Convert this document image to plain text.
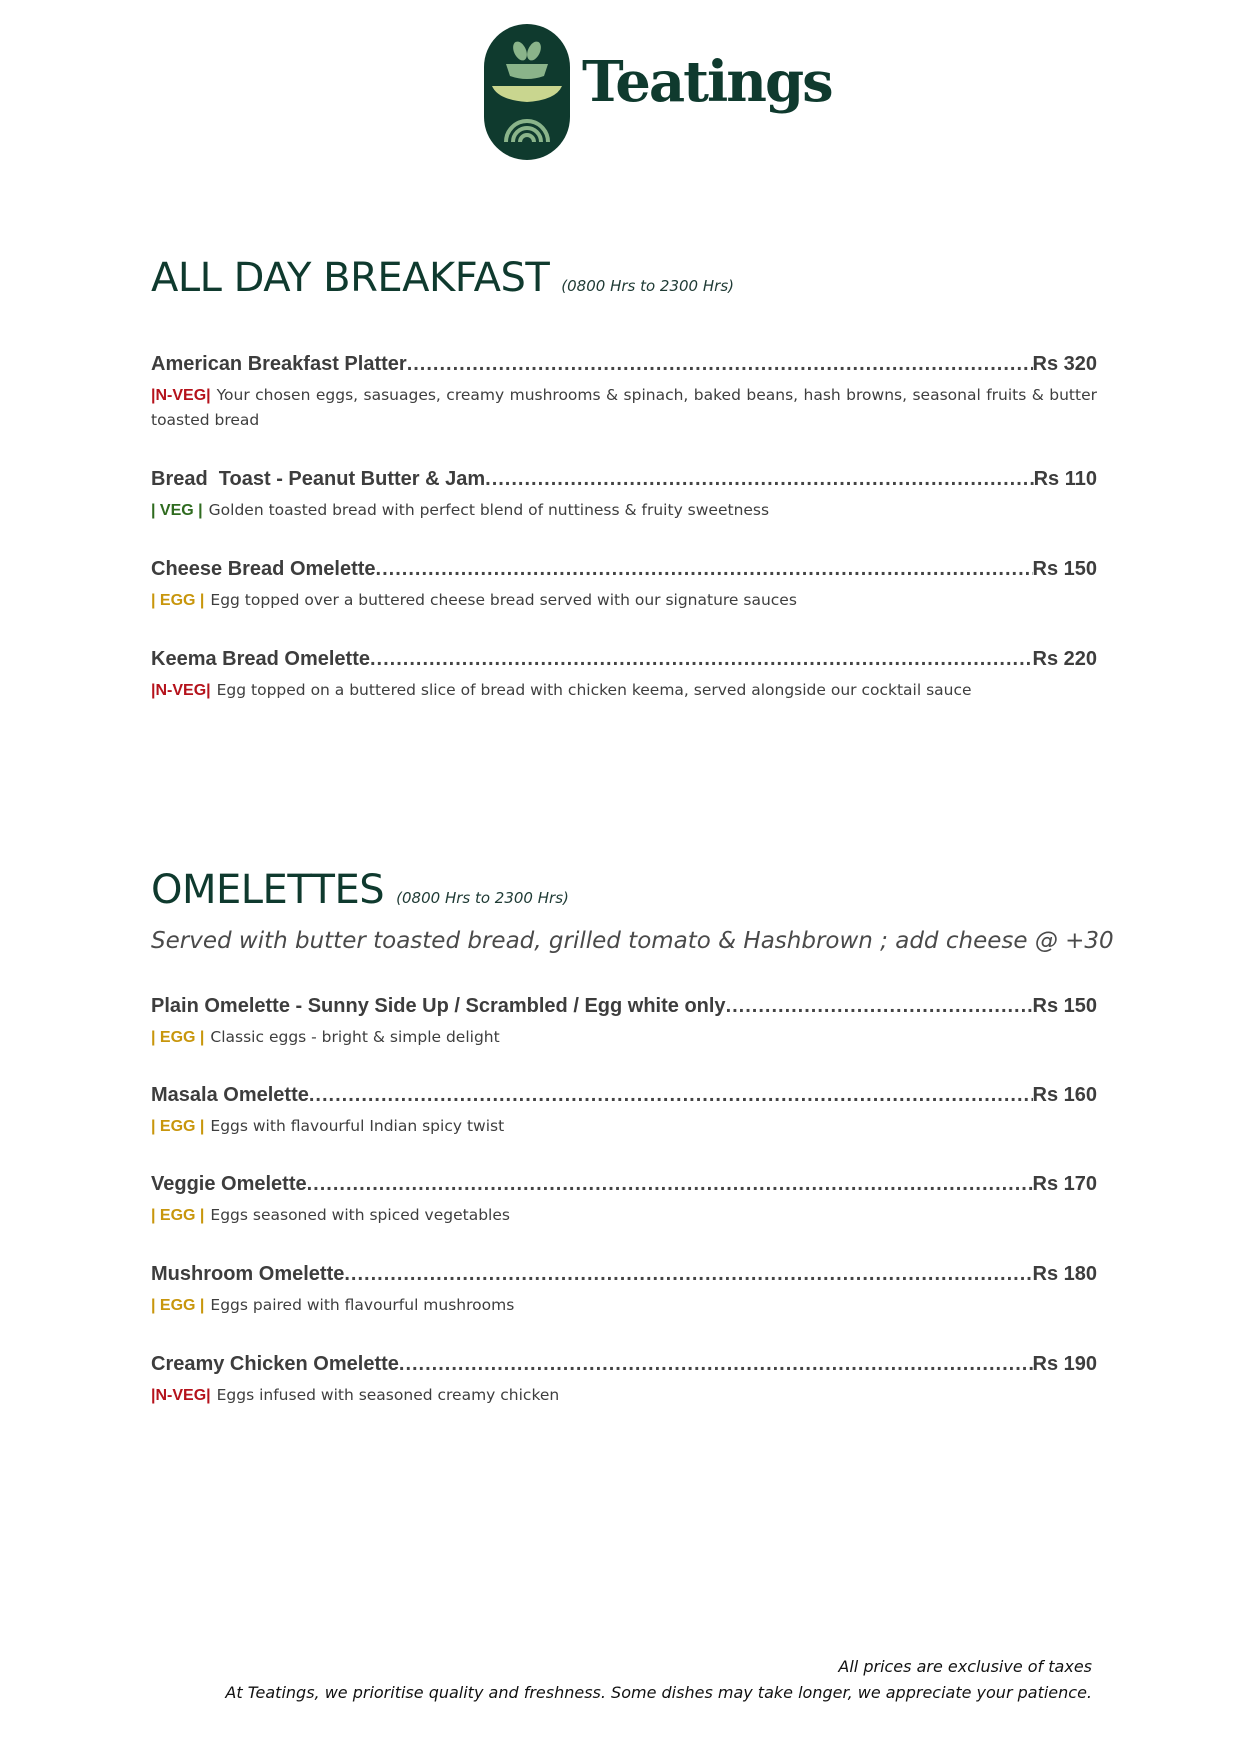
Teatings
ALL DAY BREAKFAST (0800 Hrs to 2300 Hrs)
American Breakfast Platter .....	Rs 320
|N-VEG| Your chosen eggs, sasuages, creamy mushrooms & spinach, baked beans, hash browns, seasonal fruits & butter toasted bread
Bread  Toast - Peanut Butter & Jam .....	Rs 110
| VEG | Golden toasted bread with perfect blend of nuttiness & fruity sweetness
Cheese Bread Omelette .....	Rs 150
| EGG | Egg topped over a buttered cheese bread served with our signature sauces
Keema Bread Omelette .....	Rs 220
|N-VEG| Egg topped on a buttered slice of bread with chicken keema, served alongside our cocktail sauce
OMELETTES (0800 Hrs to 2300 Hrs)
Served with butter toasted bread, grilled tomato & Hashbrown ; add cheese @ +30
Plain Omelette - Sunny Side Up / Scrambled / Egg white only .....	Rs 150
| EGG | Classic eggs - bright & simple delight
Masala Omelette .....	Rs 160
| EGG | Eggs with flavourful Indian spicy twist
Veggie Omelette .....	Rs 170
| EGG | Eggs seasoned with spiced vegetables
Mushroom Omelette .....	Rs 180
| EGG | Eggs paired with flavourful mushrooms
Creamy Chicken Omelette .....	Rs 190
|N-VEG| Eggs infused with seasoned creamy chicken
All prices are exclusive of taxes
At Teatings, we prioritise quality and freshness. Some dishes may take longer, we appreciate your patience.
